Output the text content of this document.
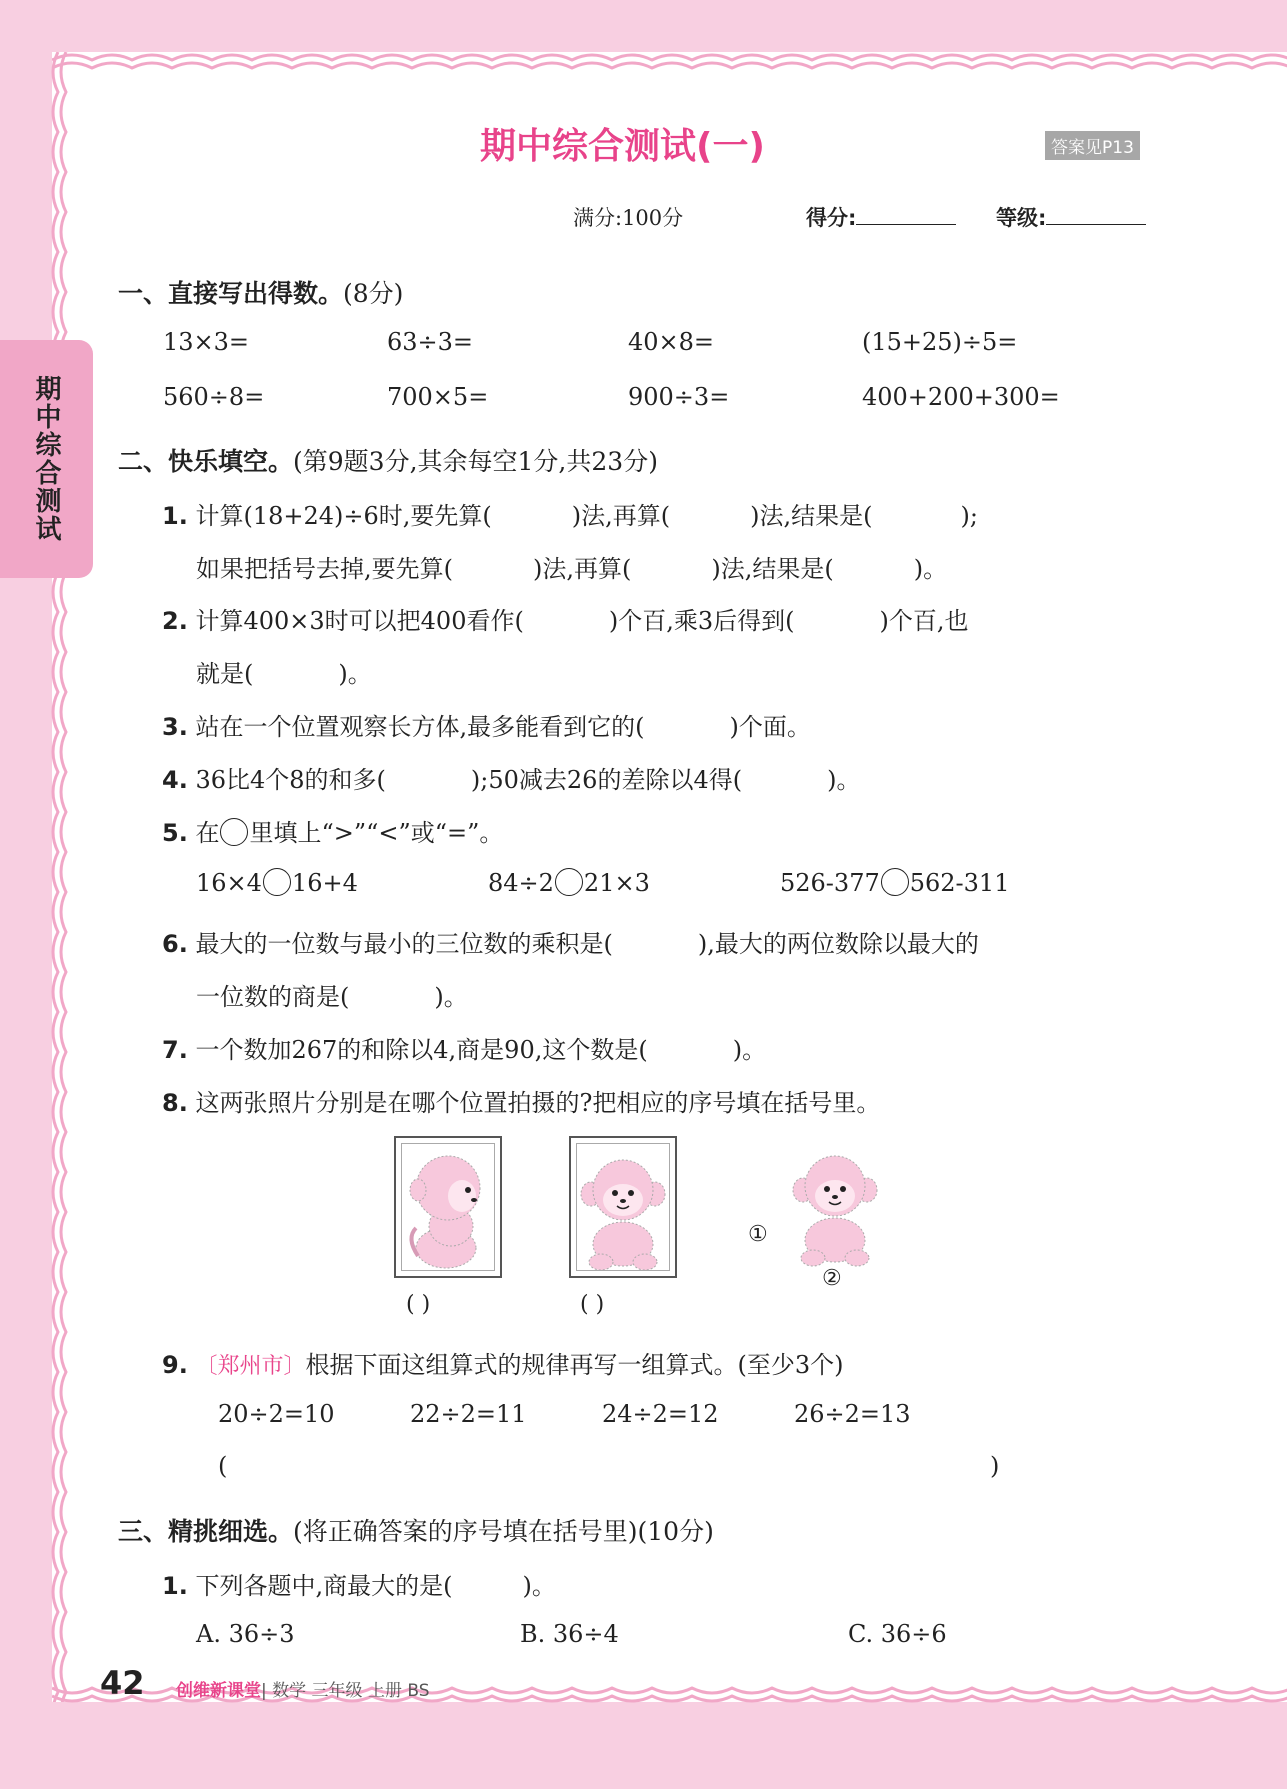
期中综合测试
期中综合测试(一)	答案见P13
满分:100分	得分:	等级:
一、直接写出得数。(8分)
13×3=	63÷3=	40×8=	(15+25)÷5=
560÷8=	700×5=	900÷3=	400+200+300=
二、快乐填空。(第9题3分,其余每空1分,共23分)
1. 计算(18+24)÷6时,要先算(	)法,再算(	)法,结果是(	);
如果把括号去掉,要先算(	)法,再算(	)法,结果是(	)。
2. 计算400×3时可以把400看作(	)个百,乘3后得到(	)个百,也
就是(	)。
3. 站在一个位置观察长方体,最多能看到它的(	)个面。
4. 36比4个8的和多(	);50减去26的差除以4得(	)。
5. 在 里填上“>”“<”或“=”。
16×4 16+4	84÷2 21×3	526-377 562-311
6. 最大的一位数与最小的三位数的乘积是(	),最大的两位数除以最大的
一位数的商是(	)。
7. 一个数加267的和除以4,商是90,这个数是(	)。
8. 这两张照片分别是在哪个位置拍摄的?把相应的序号填在括号里。
( )	( )
①
②
9. 〔郑州市〕根据下面这组算式的规律再写一组算式。(至少3个)
20÷2=10	22÷2=11	24÷2=12	26÷2=13
(	)
三、精挑细选。(将正确答案的序号填在括号里)(10分)
1. 下列各题中,商最大的是(	)。
A. 36÷3	B. 36÷4	C. 36÷6
42 创维新课堂| 数学 三年级 上册 BS
